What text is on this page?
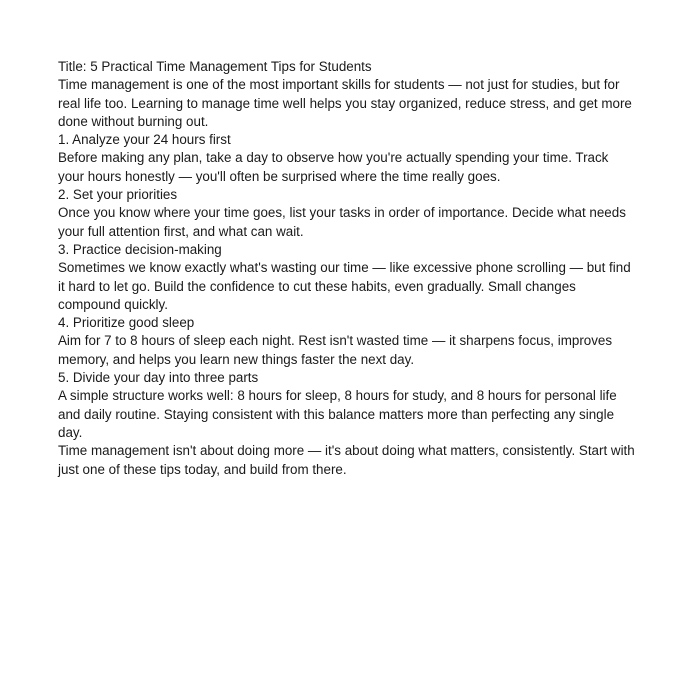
Title: 5 Practical Time Management Tips for Students

Time management is one of the most important skills for students — not just for studies, but for real life too. Learning to manage time well helps you stay organized, reduce stress, and get more done without burning out.

1. Analyze your 24 hours first

Before making any plan, take a day to observe how you're actually spending your time. Track your hours honestly — you'll often be surprised where the time really goes.

2. Set your priorities

Once you know where your time goes, list your tasks in order of importance. Decide what needs your full attention first, and what can wait.

3. Practice decision-making

Sometimes we know exactly what's wasting our time — like excessive phone scrolling — but find it hard to let go. Build the confidence to cut these habits, even gradually. Small changes compound quickly.

4. Prioritize good sleep

Aim for 7 to 8 hours of sleep each night. Rest isn't wasted time — it sharpens focus, improves memory, and helps you learn new things faster the next day.

5. Divide your day into three parts

A simple structure works well: 8 hours for sleep, 8 hours for study, and 8 hours for personal life and daily routine. Staying consistent with this balance matters more than perfecting any single day.

Time management isn't about doing more — it's about doing what matters, consistently. Start with just one of these tips today, and build from there.
